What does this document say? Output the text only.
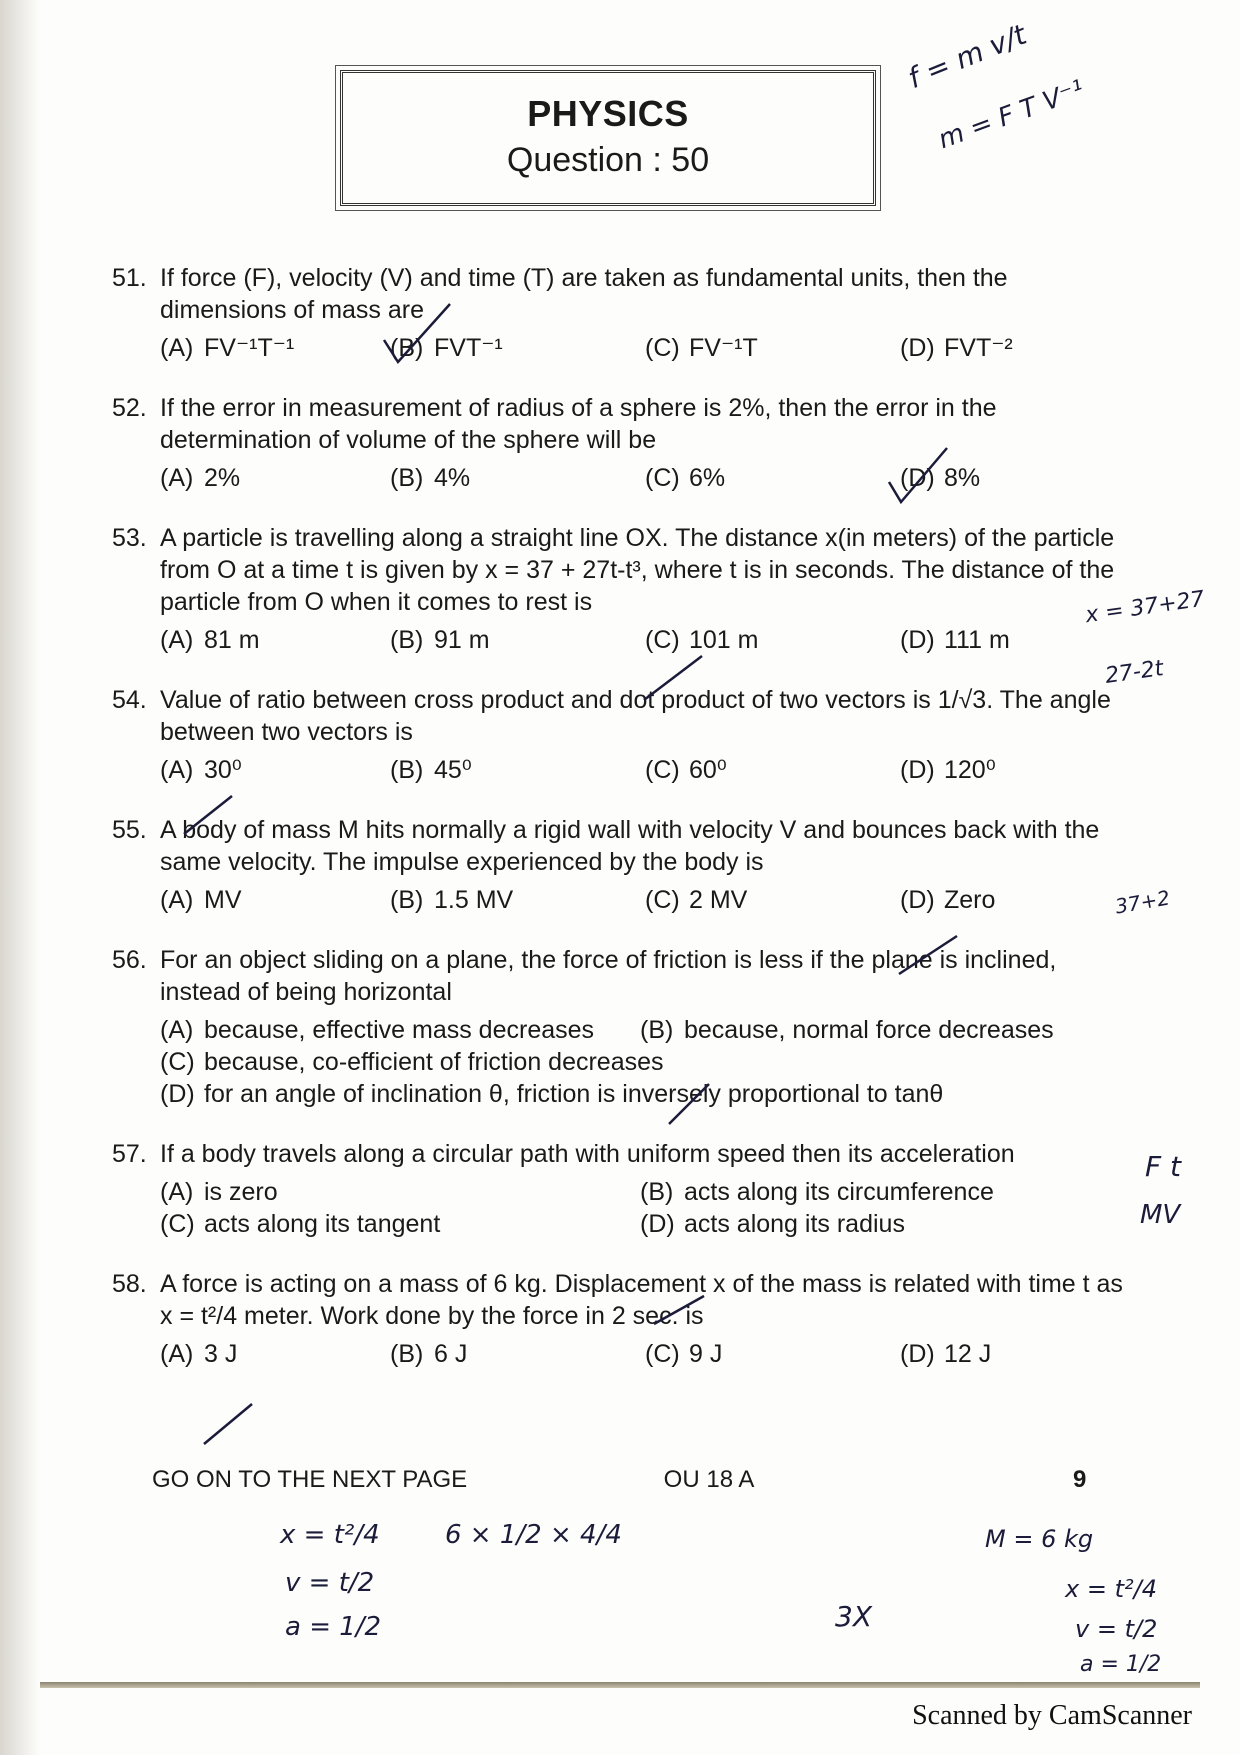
PHYSICS
Question : 50
51. If force (F), velocity (V) and time (T) are taken as fundamental units, then the dimensions of mass are
(A) FV⁻¹T⁻¹	(B) FVT⁻¹	(C) FV⁻¹T	(D) FVT⁻²
52. If the error in measurement of radius of a sphere is 2%, then the error in the determination of volume of the sphere will be
(A) 2%	(B) 4%	(C) 6%	(D) 8%
53. A particle is travelling along a straight line OX. The distance x(in meters) of the particle from O at a time t is given by x = 37 + 27t-t³, where t is in seconds. The distance of the particle from O when it comes to rest is
(A) 81 m	(B) 91 m	(C) 101 m	(D) 111 m
54. Value of ratio between cross product and dot product of two vectors is 1/√3. The angle between two vectors is
(A) 30⁰	(B) 45⁰	(C) 60⁰	(D) 120⁰
55. A body of mass M hits normally a rigid wall with velocity V and bounces back with the same velocity. The impulse experienced by the body is
(A) MV	(B) 1.5 MV	(C) 2 MV	(D) Zero
56. For an object sliding on a plane, the force of friction is less if the plane is inclined, instead of being horizontal
(A) because, effective mass decreases	(B) because, normal force decreases
(C) because, co-efficient of friction decreases
(D) for an angle of inclination θ, friction is inversely proportional to tanθ
57. If a body travels along a circular path with uniform speed then its acceleration
(A) is zero	(B) acts along its circumference
(C) acts along its tangent	(D) acts along its radius
58. A force is acting on a mass of 6 kg. Displacement x of the mass is related with time t as x = t²/4 meter. Work done by the force in 2 sec. is
(A) 3 J	(B) 6 J	(C) 9 J	(D) 12 J
f = m v/t
m = F T V⁻¹
x = 37+27
27-2t
37+2
F t
MV
x = t²/4
v = t/2
a = 1/2
6 × 1/2 × 4/4
3X
M = 6 kg
x = t²/4
v = t/2
a = 1/2
GO ON TO THE NEXT PAGE	OU 18 A	9
Scanned by CamScanner
